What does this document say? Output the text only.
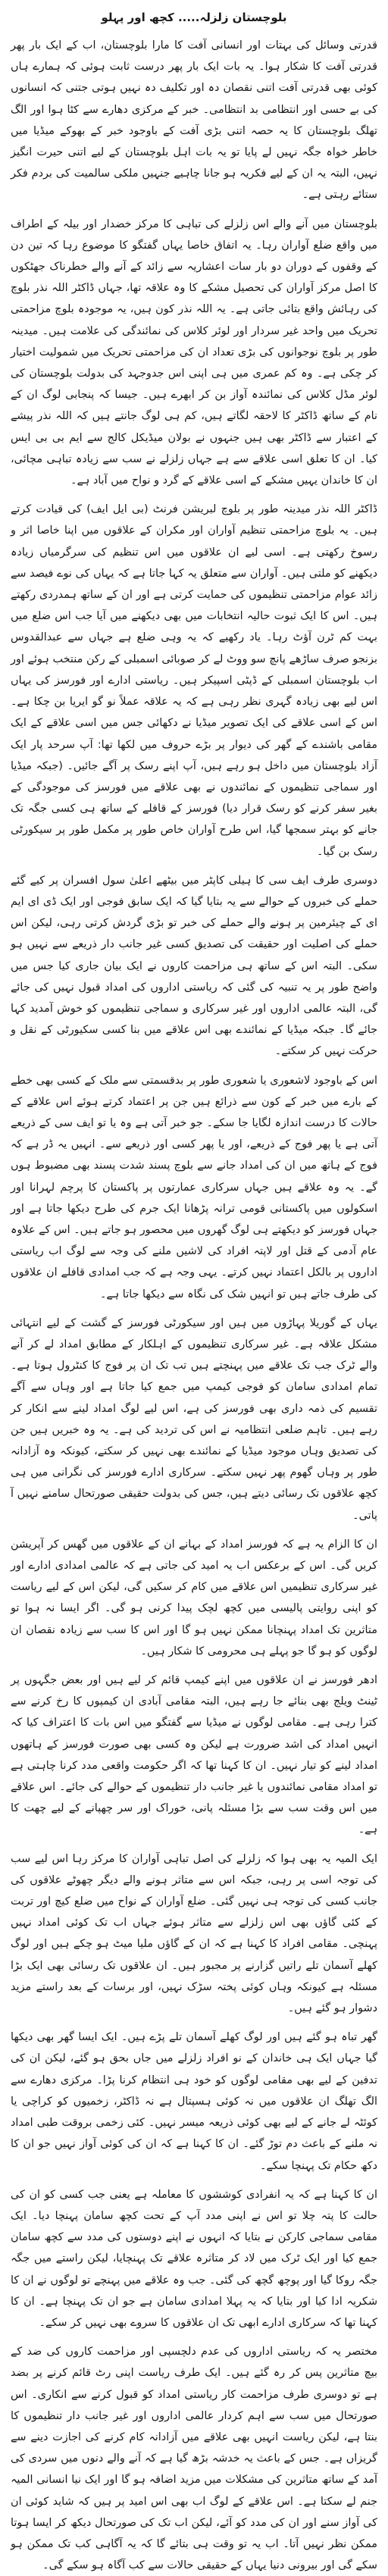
بلوچستان زلزلہ..... کچھ اور پہلو

قدرتی وسائل کی بہتات اور انسانی آفت کا مارا بلوچستان، اب کے ایک بار پھر قدرتی آفت کا شکار ہوا۔ یہ بات ایک بار پھر درست ثابت ہوئی کہ ہمارے ہاں کوئی بھی قدرتی آفت اتنی نقصان دہ اور تکلیف دہ نہیں ہوتی جتنی کہ انسانوں کی بے حسی اور انتظامی بد انتظامی۔ خبر کے مرکزی دھارے سے کٹا ہوا اور الگ تھلگ بلوچستان کا یہ حصہ اتنی بڑی آفت کے باوجود خبر کے بھوکے میڈیا میں خاطر خواہ جگہ نہیں لے پایا تو یہ بات اہل بلوچستان کے لیے اتنی حیرت انگیز نہیں، البتہ یہ ان کے لیے فکریہ ہو جانا چاہیے جنہیں ملکی سالمیت کی بردم فکر ستائے رہتی ہے۔

بلوچستان میں آنے والے اس زلزلے کی تباہی کا مرکز خضدار اور بیلہ کے اطراف میں واقع ضلع آواران رہا۔ یہ اتفاق خاصا یہاں گفتگو کا موضوع رہا کہ تین دن کے وقفوں کے دوران دو بار سات اعشاریہ سے زائد کے آنے والے خطرناک جھٹکوں کا اصل مرکز آواران کی تحصیل مشکے کا وہ علاقہ تھا، جہاں ڈاکٹر اللہ نذر بلوچ کی رہائش واقع بتائی جاتی ہے۔ یہ اللہ نذر کون ہیں، یہ موجودہ بلوچ مزاحمتی تحریک میں واحد غیر سردار اور لوئر کلاس کی نمائندگی کی علامت ہیں۔ میدینہ طور پر بلوچ نوجوانوں کی بڑی تعداد ان کی مزاحمتی تحریک میں شمولیت اختیار کر چکی ہے۔ وہ کم عمری میں ہی اپنی اس جدوجہد کی بدولت بلوچستان کی لوئر مڈل کلاس کی نمائندہ آواز بن کر ابھرے ہیں۔ جیسا کہ پنجابی لوگ ان کے نام کے ساتھ ڈاکٹر کا لاحقہ لگاتے ہیں، کم ہی لوگ جانتے ہیں کہ اللہ نذر پیشے کے اعتبار سے ڈاکٹر بھی ہیں جنہوں نے بولان میڈیکل کالج سے ایم بی بی ایس کیا۔ ان کا تعلق اسی علاقے سے ہے جہاں زلزلے نے سب سے زیادہ تباہی مچائی، ان کا خاندان یہیں مشکے کے اسی علاقے کے گرد و نواح میں آباد ہے۔

ڈاکٹر اللہ نذر میدینہ طور پر بلوچ لبریشن فرنٹ (بی ایل ایف) کی قیادت کرتے ہیں۔ یہ بلوچ مزاحمتی تنظیم آواران اور مکران کے علاقوں میں اپنا خاصا اثر و رسوخ رکھتی ہے۔ اسی لیے ان علاقوں میں اس تنظیم کی سرگرمیاں زیادہ دیکھنے کو ملتی ہیں۔ آواران سے متعلق یہ کہا جاتا ہے کہ یہاں کی نوے فیصد سے زائد عوام مزاحمتی تنظیموں کی حمایت کرتی ہے اور ان کے ساتھ ہمدردی رکھتے ہیں۔ اس کا ایک ثبوت حالیہ انتخابات میں بھی دیکھنے میں آیا جب اس ضلع میں بہت کم ٹرن آؤٹ رہا۔ یاد رکھیے کہ یہ وہی ضلع ہے جہاں سے عبدالقدوس بزنجو صرف ساڑھے پانچ سو ووٹ لے کر صوبائی اسمبلی کے رکن منتخب ہوئے اور اب بلوچستان اسمبلی کے ڈپٹی اسپیکر ہیں۔ ریاستی ادارے اور فورسز کی یہاں اس لیے بھی زیادہ گہری نظر رہی ہے کہ یہ علاقہ عملاً نو گو ایریا بن چکا ہے۔ اس کے اسی علاقے کی ایک تصویر میڈیا نے دکھائی جس میں اسی علاقے کے ایک مقامی باشندے کے گھر کی دیوار پر بڑے حروف میں لکھا تھا: آپ سرحد پار ایک آزاد بلوچستان میں داخل ہو رہے ہیں، آپ اپنے رسک پر آگے جائیں۔ (جبکہ میڈیا اور سماجی تنظیموں کے نمائندوں نے بھی علاقے میں فورسز کی موجودگی کے بغیر سفر کرنے کو رسک قرار دیا) فورسز کے قافلے کے ساتھ ہی کسی جگہ تک جانے کو بہتر سمجھا گیا، اس طرح آواران خاص طور پر مکمل طور پر سیکورٹی رسک بن گیا۔

دوسری طرف ایف سی کا ہیلی کاپٹر میں بیٹھے اعلیٰ سول افسران پر کیے گئے حملے کی خبروں کے حوالے سے یہ بتایا گیا کہ ایک سابق فوجی اور ایک ڈی ای ایم ای کے چیئرمین پر ہونے والے حملے کی خبر تو بڑی گردش کرتی رہی، لیکن اس حملے کی اصلیت اور حقیقت کی تصدیق کسی غیر جانب دار ذریعے سے نہیں ہو سکی۔ البتہ اس کے ساتھ ہی مزاحمت کاروں نے ایک بیان جاری کیا جس میں واضح طور پر یہ تنبیہ کی گئی کہ ریاستی اداروں کی امداد قبول نہیں کی جائے گی، البتہ عالمی اداروں اور غیر سرکاری و سماجی تنظیموں کو خوش آمدید کہا جائے گا۔ جبکہ میڈیا کے نمائندے بھی اس علاقے میں بنا کسی سکیورٹی کے نقل و حرکت نہیں کر سکتے۔

اس کے باوجود لاشعوری یا شعوری طور پر بدقسمتی سے ملک کے کسی بھی خطے کے بارے میں خبر کے کون سے ذرائع ہیں جن پر اعتماد کرتے ہوئے اس علاقے کے حالات کا درست اندازہ لگایا جا سکے۔ جو خبر آتی ہے وہ یا تو ایف سی کے ذریعے آتی ہے یا پھر فوج کے ذریعے، اور یا پھر کسی اور ذریعے سے۔ انہیں یہ ڈر ہے کہ فوج کے ہاتھ میں ان کی امداد جانے سے بلوچ پسند شدت پسند بھی مضبوط ہوں گے۔ یہ وہ علاقے ہیں جہاں سرکاری عمارتوں پر پاکستان کا پرچم لہرانا اور اسکولوں میں پاکستانی قومی ترانہ پڑھانا ایک جرم کی طرح دیکھا جاتا ہے اور جہاں فورسز کو دیکھتے ہی لوگ گھروں میں محصور ہو جاتے ہیں۔ اس کے علاوہ عام آدمی کے قتل اور لاپتہ افراد کی لاشیں ملنے کی وجہ سے لوگ اب ریاستی اداروں پر بالکل اعتماد نہیں کرتے۔ یہی وجہ ہے کہ جب امدادی قافلے ان علاقوں کی طرف جاتے ہیں تو انہیں شک کی نگاہ سے دیکھا جاتا ہے۔

یہاں کے گوریلا پہاڑوں میں ہیں اور سیکورٹی فورسز کے گشت کے لیے انتہائی مشکل علاقہ ہے۔ غیر سرکاری تنظیموں کے اہلکار کے مطابق امداد لے کر آنے والے ٹرک جب تک علاقے میں پہنچتے ہیں تب تک ان پر فوج کا کنٹرول ہوتا ہے۔ تمام امدادی سامان کو فوجی کیمپ میں جمع کیا جاتا ہے اور وہاں سے آگے تقسیم کی ذمہ داری بھی فورسز کی ہے، اس لیے لوگ امداد لینے سے انکار کر رہے ہیں۔ تاہم ضلعی انتظامیہ نے اس کی تردید کی ہے۔ یہ وہ خبریں ہیں جن کی تصدیق وہاں موجود میڈیا کے نمائندے بھی نہیں کر سکتے، کیونکہ وہ آزادانہ طور پر وہاں گھوم پھر نہیں سکتے۔ سرکاری ادارے فورسز کی نگرانی میں ہی کچھ علاقوں تک رسائی دیتے ہیں، جس کی بدولت حقیقی صورتحال سامنے نہیں آ پاتی۔

ان کا الزام یہ ہے کہ فورسز امداد کے بہانے ان کے علاقوں میں گھس کر آپریشن کریں گی۔ اس کے برعکس اب یہ امید کی جاتی ہے کہ عالمی امدادی ادارے اور غیر سرکاری تنظیمیں اس علاقے میں کام کر سکیں گی، لیکن اس کے لیے ریاست کو اپنی روایتی پالیسی میں کچھ لچک پیدا کرنی ہو گی۔ اگر ایسا نہ ہوا تو متاثرین تک امداد پہنچانا ممکن نہیں ہو گا اور اس کا سب سے زیادہ نقصان ان لوگوں کو ہو گا جو پہلے ہی محرومی کا شکار ہیں۔

ادھر فورسز نے ان علاقوں میں اپنے کیمپ قائم کر لیے ہیں اور بعض جگہوں پر ٹینٹ ویلج بھی بنائے جا رہے ہیں، البتہ مقامی آبادی ان کیمپوں کا رخ کرنے سے کترا رہی ہے۔ مقامی لوگوں نے میڈیا سے گفتگو میں اس بات کا اعتراف کیا کہ انہیں امداد کی اشد ضرورت ہے لیکن وہ کسی بھی صورت فورسز کے ہاتھوں امداد لینے کو تیار نہیں۔ ان کا کہنا تھا کہ اگر حکومت واقعی مدد کرنا چاہتی ہے تو امداد مقامی نمائندوں یا غیر جانب دار تنظیموں کے حوالے کی جائے۔ اس علاقے میں اس وقت سب سے بڑا مسئلہ پانی، خوراک اور سر چھپانے کے لیے چھت کا ہے۔

ایک المیہ یہ بھی ہوا کہ زلزلے کی اصل تباہی آواران کا مرکز رہا اس لیے سب کی توجہ اسی پر رہی، جبکہ اس سے متاثر ہونے والے دیگر چھوٹے علاقوں کی جانب کسی کی توجہ ہی نہیں گئی۔ ضلع آواران کے نواح میں ضلع کیچ اور تربت کے کئی گاؤں بھی اس زلزلے سے متاثر ہوئے جہاں اب تک کوئی امداد نہیں پہنچی۔ مقامی افراد کا کہنا ہے کہ ان کے گاؤں ملیا میٹ ہو چکے ہیں اور لوگ کھلے آسمان تلے راتیں گزارنے پر مجبور ہیں۔ ان علاقوں تک رسائی بھی ایک بڑا مسئلہ ہے کیونکہ وہاں کوئی پختہ سڑک نہیں، اور برسات کے بعد راستے مزید دشوار ہو گئے ہیں۔

گھر تباہ ہو گئے ہیں اور لوگ کھلے آسمان تلے پڑے ہیں۔ ایک ایسا گھر بھی دیکھا گیا جہاں ایک ہی خاندان کے نو افراد زلزلے میں جاں بحق ہو گئے، لیکن ان کی تدفین کے لیے بھی مقامی لوگوں کو خود ہی انتظام کرنا پڑا۔ مرکزی دھارے سے الگ تھلگ ان علاقوں میں نہ کوئی ہسپتال ہے نہ ڈاکٹر، زخمیوں کو کراچی یا کوئٹہ لے جانے کے لیے بھی کوئی ذریعہ میسر نہیں۔ کئی زخمی بروقت طبی امداد نہ ملنے کے باعث دم توڑ گئے۔ ان کا کہنا ہے کہ ان کی کوئی آواز نہیں جو ان کا دکھ حکام تک پہنچا سکے۔

ان کا کہنا ہے کہ یہ انفرادی کوششوں کا معاملہ ہے یعنی جب کسی کو ان کی حالت کا پتہ چلا تو اس نے اپنی مدد آپ کے تحت کچھ سامان پہنچا دیا۔ ایک مقامی سماجی کارکن نے بتایا کہ انہوں نے اپنے دوستوں کی مدد سے کچھ سامان جمع کیا اور ایک ٹرک میں لاد کر متاثرہ علاقے تک پہنچایا، لیکن راستے میں جگہ جگہ روکا گیا اور پوچھ گچھ کی گئی۔ جب وہ علاقے میں پہنچے تو لوگوں نے ان کا شکریہ ادا کیا اور بتایا کہ یہ پہلا امدادی سامان ہے جو ان تک پہنچا ہے۔ ان کا کہنا تھا کہ سرکاری ادارے ابھی تک ان علاقوں کا سروے بھی نہیں کر سکے۔

مختصر یہ کہ ریاستی اداروں کی عدم دلچسپی اور مزاحمت کاروں کی ضد کے بیچ متاثرین پس کر رہ گئے ہیں۔ ایک طرف ریاست اپنی رٹ قائم کرنے پر بضد ہے تو دوسری طرف مزاحمت کار ریاستی امداد کو قبول کرنے سے انکاری۔ اس صورتحال میں سب سے اہم کردار عالمی اداروں اور غیر جانب دار تنظیموں کا بنتا ہے، لیکن ریاست انہیں بھی علاقے میں آزادانہ کام کرنے کی اجازت دینے سے گریزاں ہے۔ جس کے باعث یہ خدشہ بڑھ گیا ہے کہ آنے والے دنوں میں سردی کی آمد کے ساتھ متاثرین کی مشکلات میں مزید اضافہ ہو گا اور ایک نیا انسانی المیہ جنم لے سکتا ہے۔ اس علاقے کے لوگ اب بھی اس امید پر ہیں کہ شاید کوئی ان کی آواز سنے اور ان کی مدد کو آئے، لیکن اب تک کی صورتحال دیکھ کر ایسا ہوتا ممکن نظر نہیں آتا۔ اب یہ تو وقت ہی بتائے گا کہ یہ آگاہی کب تک ممکن ہو سکے گی اور بیرونی دنیا یہاں کے حقیقی حالات سے کب آگاہ ہو سکے گی۔
